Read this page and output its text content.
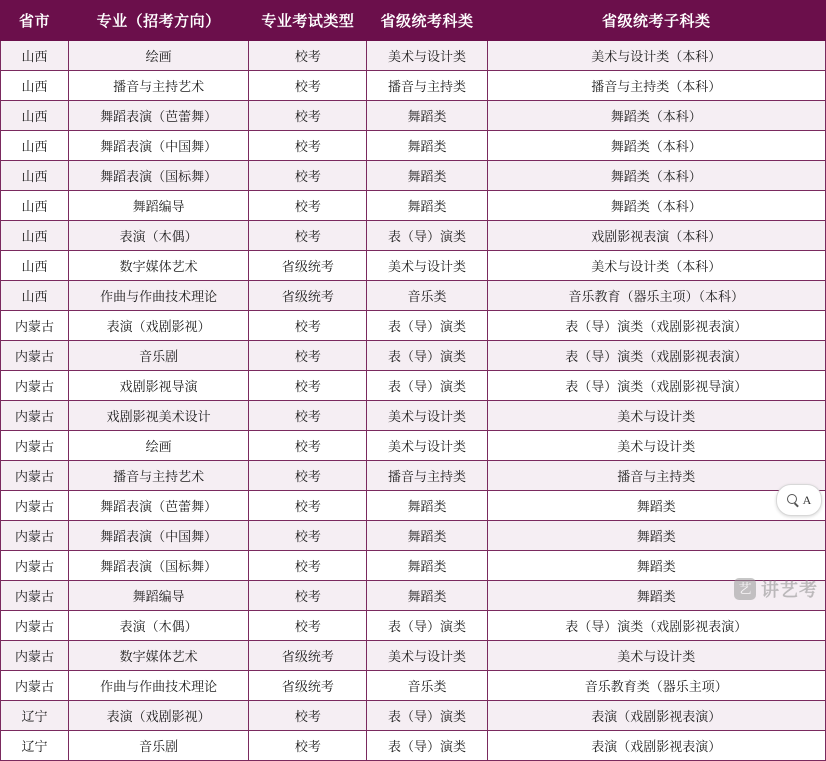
省市	专业（招考方向）	专业考试类型	省级统考科类	省级统考子科类
山西	绘画	校考	美术与设计类	美术与设计类（本科）
山西	播音与主持艺术	校考	播音与主持类	播音与主持类（本科）
山西	舞蹈表演（芭蕾舞）	校考	舞蹈类	舞蹈类（本科）
山西	舞蹈表演（中国舞）	校考	舞蹈类	舞蹈类（本科）
山西	舞蹈表演（国标舞）	校考	舞蹈类	舞蹈类（本科）
山西	舞蹈编导	校考	舞蹈类	舞蹈类（本科）
山西	表演（木偶）	校考	表（导）演类	戏剧影视表演（本科）
山西	数字媒体艺术	省级统考	美术与设计类	美术与设计类（本科）
山西	作曲与作曲技术理论	省级统考	音乐类	音乐教育（器乐主项）（本科）
内蒙古	表演（戏剧影视）	校考	表（导）演类	表（导）演类（戏剧影视表演）
内蒙古	音乐剧	校考	表（导）演类	表（导）演类（戏剧影视表演）
内蒙古	戏剧影视导演	校考	表（导）演类	表（导）演类（戏剧影视导演）
内蒙古	戏剧影视美术设计	校考	美术与设计类	美术与设计类
内蒙古	绘画	校考	美术与设计类	美术与设计类
内蒙古	播音与主持艺术	校考	播音与主持类	播音与主持类
内蒙古	舞蹈表演（芭蕾舞）	校考	舞蹈类	舞蹈类
内蒙古	舞蹈表演（中国舞）	校考	舞蹈类	舞蹈类
内蒙古	舞蹈表演（国标舞）	校考	舞蹈类	舞蹈类
内蒙古	舞蹈编导	校考	舞蹈类	舞蹈类
内蒙古	表演（木偶）	校考	表（导）演类	表（导）演类（戏剧影视表演）
内蒙古	数字媒体艺术	省级统考	美术与设计类	美术与设计类
内蒙古	作曲与作曲技术理论	省级统考	音乐类	音乐教育类（器乐主项）
辽宁	表演（戏剧影视）	校考	表（导）演类	表演（戏剧影视表演）
辽宁	音乐剧	校考	表（导）演类	表演（戏剧影视表演）
A
艺 讲艺考
